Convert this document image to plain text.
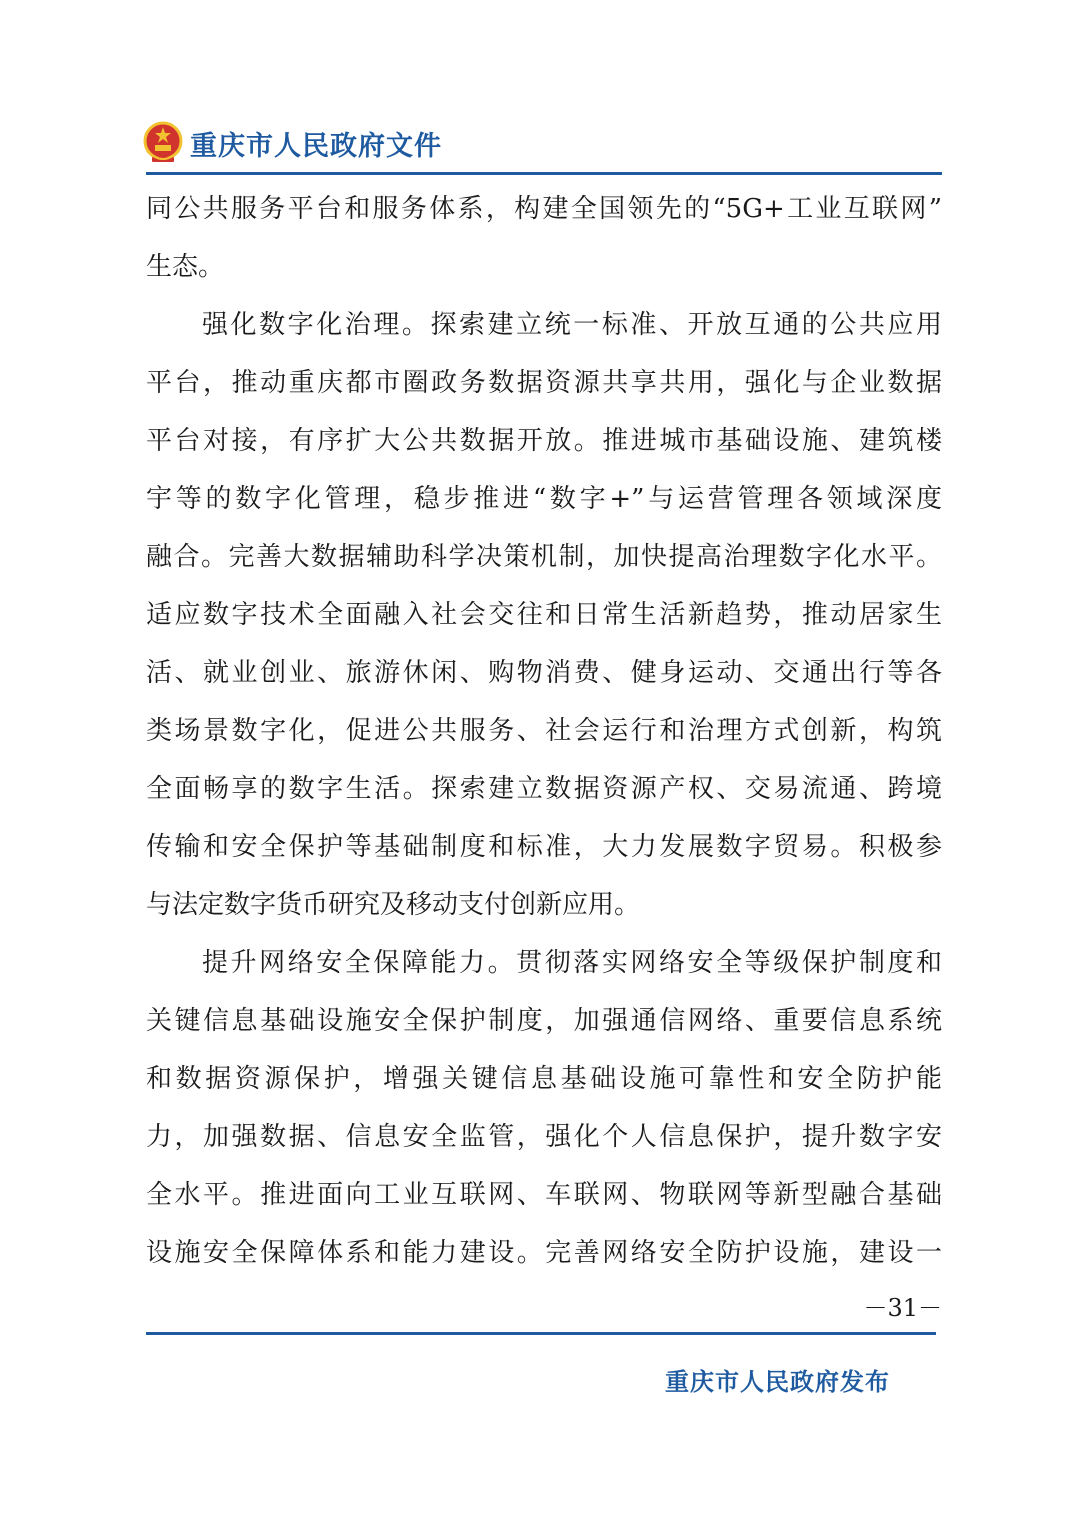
重庆市人民政府文件
同公共服务平台和服务体系，构建全国领先的“5G+工业互联网”
生态。
强化数字化治理。探索建立统一标准、开放互通的公共应用
平台，推动重庆都市圈政务数据资源共享共用，强化与企业数据
平台对接，有序扩大公共数据开放。推进城市基础设施、建筑楼
宇等的数字化管理，稳步推进“数字+”与运营管理各领域深度
融合。完善大数据辅助科学决策机制，加快提高治理数字化水平。
适应数字技术全面融入社会交往和日常生活新趋势，推动居家生
活、就业创业、旅游休闲、购物消费、健身运动、交通出行等各
类场景数字化，促进公共服务、社会运行和治理方式创新，构筑
全面畅享的数字生活。探索建立数据资源产权、交易流通、跨境
传输和安全保护等基础制度和标准，大力发展数字贸易。积极参
与法定数字货币研究及移动支付创新应用。
提升网络安全保障能力。贯彻落实网络安全等级保护制度和
关键信息基础设施安全保护制度，加强通信网络、重要信息系统
和数据资源保护，增强关键信息基础设施可靠性和安全防护能
力，加强数据、信息安全监管，强化个人信息保护，提升数字安
全水平。推进面向工业互联网、车联网、物联网等新型融合基础
设施安全保障体系和能力建设。完善网络安全防护设施，建设一
－31－
重庆市人民政府发布
